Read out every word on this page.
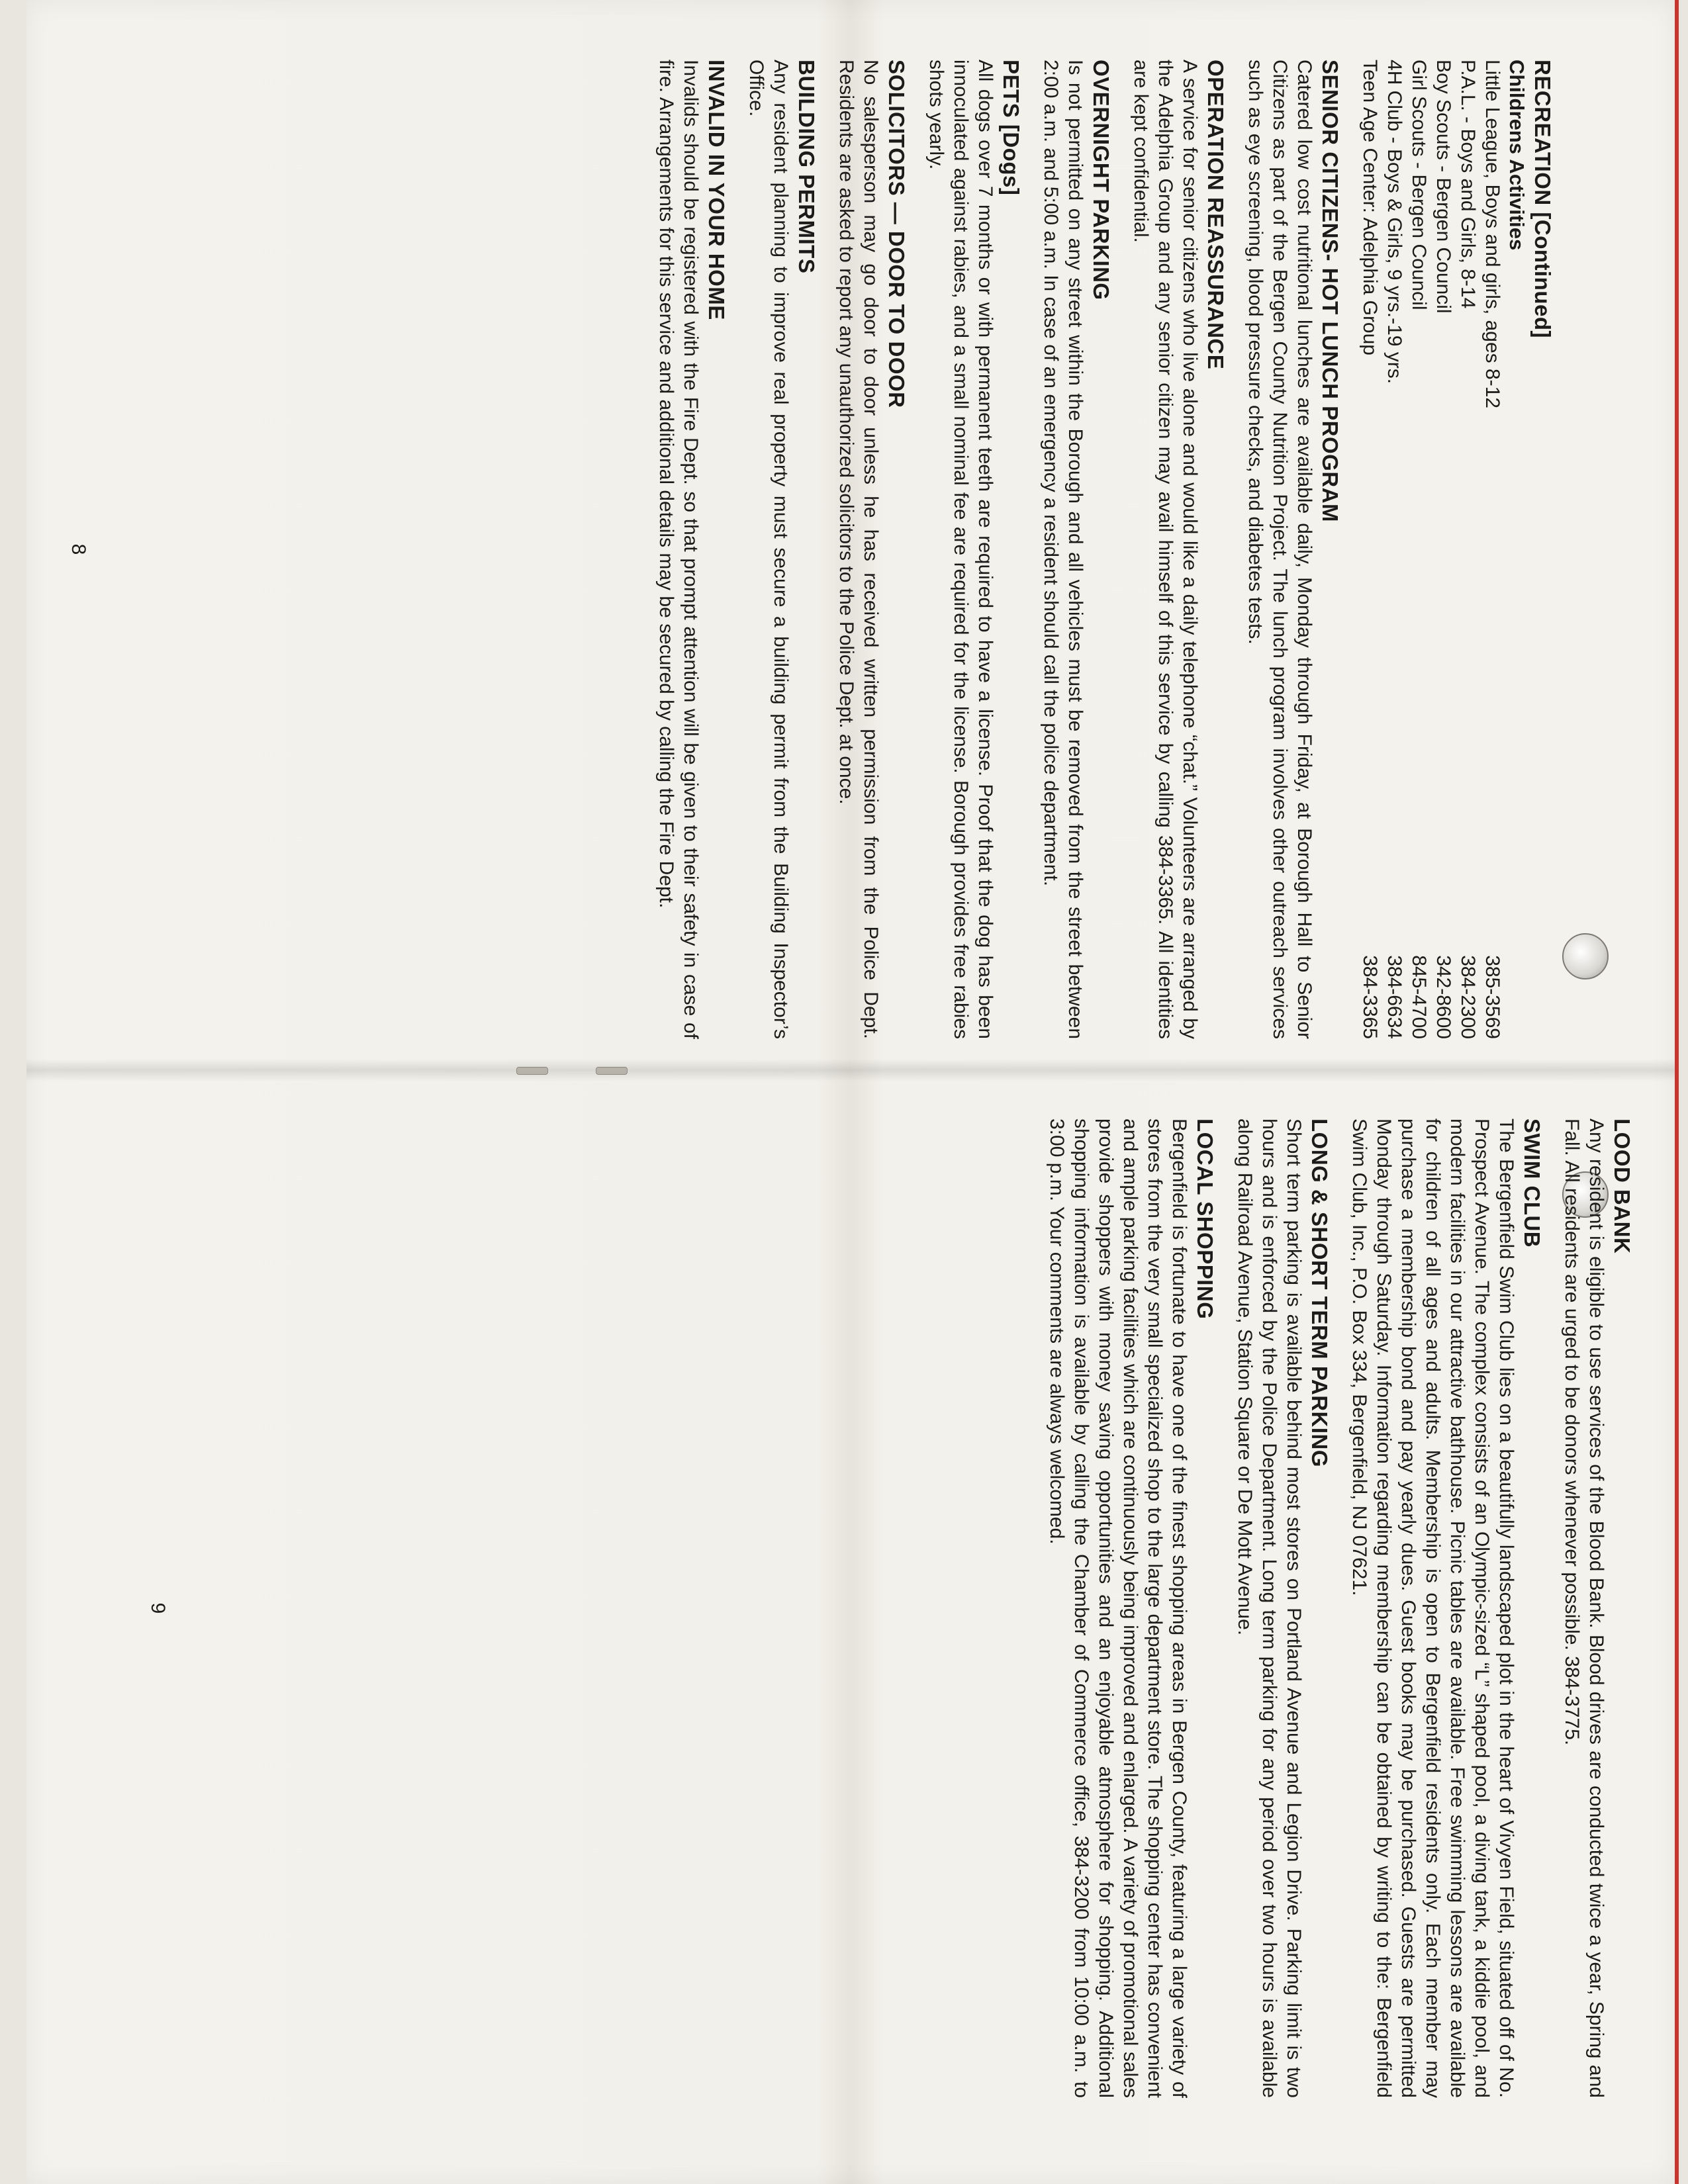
RECREATION [Continued]

Childrens Activities

Little League, Boys and girls, ages 8-12
385-3569
P.A.L. - Boys and Girls, 8-14
384-2300
Boy Scouts - Bergen Council
342-8600
Girl Scouts - Bergen Council
845-4700
4H Club - Boys & Girls, 9 yrs.-19 yrs.
384-6634
Teen Age Center: Adelphia Group
384-3365

SENIOR CITIZENS- HOT LUNCH PROGRAM

Catered low cost nutritional lunches are available daily, Monday through Friday, at Borough Hall to Senior Citizens as part of the Bergen County Nutrition Project. The lunch program involves other outreach services such as eye screening, blood pressure checks, and diabetes tests.

OPERATION REASSURANCE

A service for senior citizens who live alone and would like a daily telephone “chat.” Volunteers are arranged by the Adelphia Group and any senior citizen may avail himself of this service by calling 384-3365. All identities are kept confidential.

OVERNIGHT PARKING

Is not permitted on any street within the Borough and all vehicles must be removed from the street between 2:00 a.m. and 5:00 a.m. In case of an emergency a resident should call the police department.

PETS [Dogs]

All dogs over 7 months or with permanent teeth are required to have a license. Proof that the dog has been innoculated against rabies, and a small nominal fee are required for the license. Borough provides free rabies shots yearly.

SOLICITORS — DOOR TO DOOR

No salesperson may go door to door unless he has received written permission from the Police Dept. Residents are asked to report any unauthorized solicitors to the Police Dept. at once.

BUILDING PERMITS

Any resident planning to improve real property must secure a building permit from the Building Inspector’s Office.

INVALID IN YOUR HOME

Invalids should be registered with the Fire Dept. so that prompt attention will be given to their safety in case of fire. Arrangements for this service and additional details may be secured by calling the Fire Dept.

8

LOOD BANK

Any resident is eligible to use services of the Blood Bank. Blood drives are conducted twice a year, Spring and Fall. All residents are urged to be donors whenever possible. 384-3775.

SWIM CLUB

The Bergenfield Swim Club lies on a beautifully landscaped plot in the heart of Vivyen Field, situated off of No. Prospect Avenue. The complex consists of an Olympic-sized “L” shaped pool, a diving tank, a kiddie pool, and modern facilities in our attractive bathhouse. Picnic tables are available. Free swimming lessons are available for children of all ages and adults. Membership is open to Bergenfield residents only. Each member may purchase a membership bond and pay yearly dues. Guest books may be purchased. Guests are permitted Monday through Saturday. Information regarding membership can be obtained by writing to the: Bergenfield Swim Club, Inc., P.O. Box 334, Bergenfield, NJ 07621.

LONG & SHORT TERM PARKING

Short term parking is available behind most stores on Portland Avenue and Legion Drive. Parking limit is two hours and is enforced by the Police Department. Long term parking for any period over two hours is available along Railroad Avenue, Station Square or De Mott Avenue.

LOCAL SHOPPING

Bergenfield is fortunate to have one of the finest shopping areas in Bergen County, featuring a large variety of stores from the very small specialized shop to the large department store. The shopping center has convenient and ample parking facilities which are continuously being improved and enlarged. A variety of promotional sales provide shoppers with money saving opportunities and an enjoyable atmosphere for shopping. Additional shopping information is available by calling the Chamber of Commerce office, 384-3200 from 10:00 a.m. to 3:00 p.m. Your comments are always welcomed.

9
